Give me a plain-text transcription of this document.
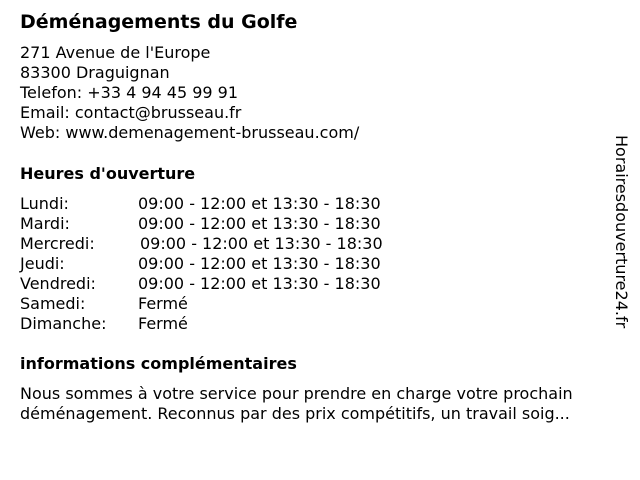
Déménagements du Golfe
271 Avenue de l'Europe
83300 Draguignan
Telefon: +33 4 94 45 99 91
Email: contact@brusseau.fr
Web: www.demenagement-brusseau.com/
Heures d'ouverture
Lundi:	09:00 - 12:00 et 13:30 - 18:30
Mardi:	09:00 - 12:00 et 13:30 - 18:30
Mercredi:	09:00 - 12:00 et 13:30 - 18:30
Jeudi:	09:00 - 12:00 et 13:30 - 18:30
Vendredi:	09:00 - 12:00 et 13:30 - 18:30
Samedi:	Fermé
Dimanche: Fermé
informations complémentaires
Nous sommes à votre service pour prendre en charge votre prochain
déménagement. Reconnus par des prix compétitifs, un travail soig...
Horairesdouverture24.fr
